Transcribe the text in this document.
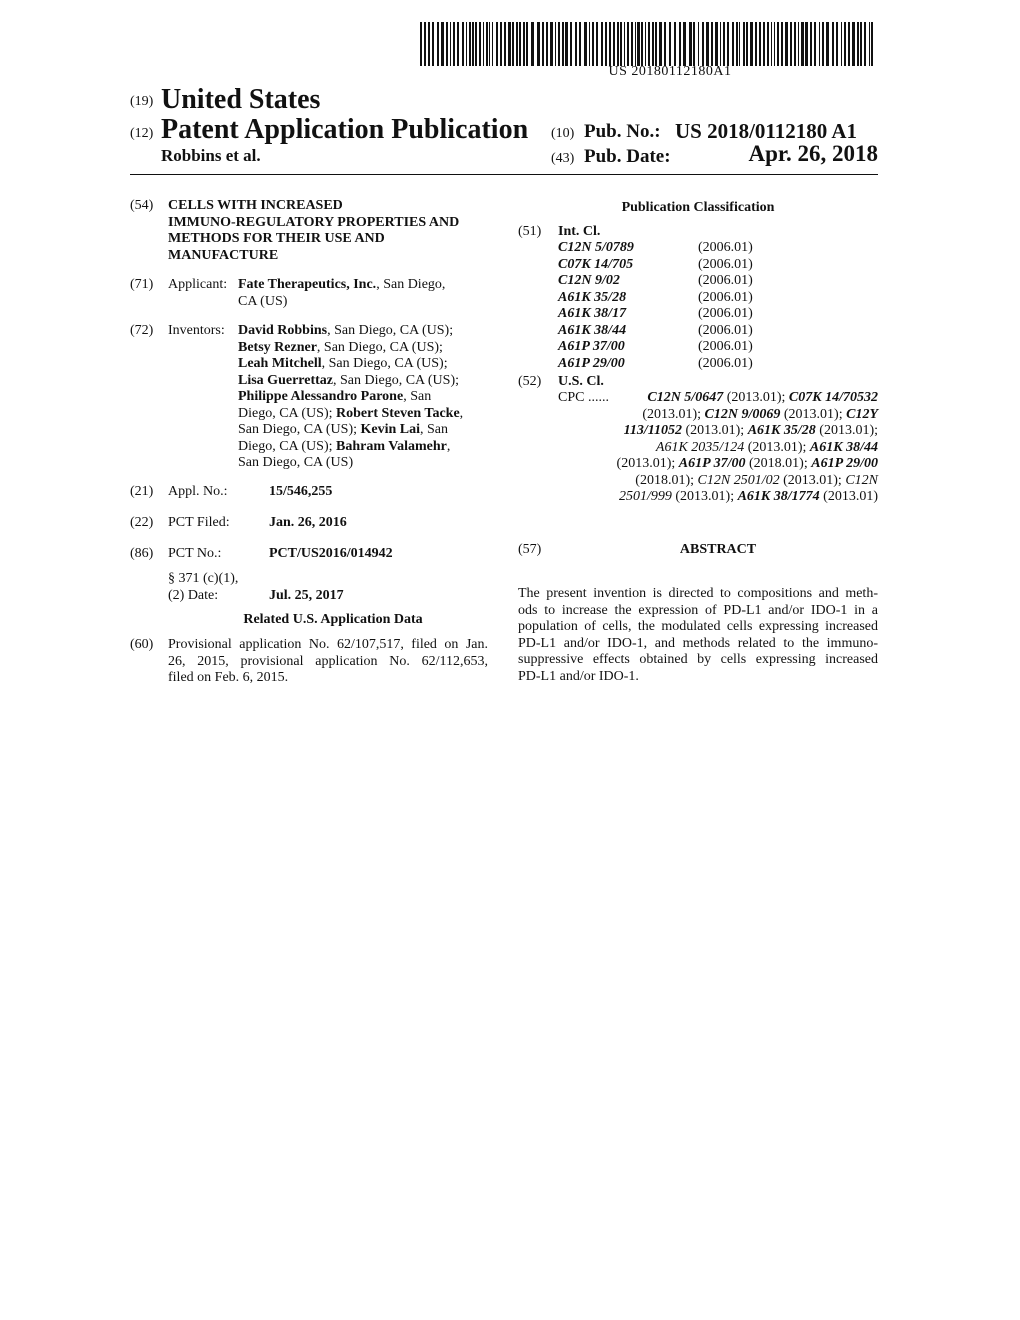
US 20180112180A1
(19) United States
(12) Patent Application Publication
Robbins et al.
(10) Pub. No.: US 2018/0112180 A1
(43) Pub. Date:	Apr. 26, 2018
(54) CELLS WITH INCREASED
IMMUNO-REGULATORY PROPERTIES AND
METHODS FOR THEIR USE AND
MANUFACTURE
(71) Applicant: Fate Therapeutics, Inc., San Diego,
CA (US)
(72) Inventors: David Robbins, San Diego, CA (US);
Betsy Rezner, San Diego, CA (US);
Leah Mitchell, San Diego, CA (US);
Lisa Guerrettaz, San Diego, CA (US);
Philippe Alessandro Parone, San
Diego, CA (US); Robert Steven Tacke,
San Diego, CA (US); Kevin Lai, San
Diego, CA (US); Bahram Valamehr,
San Diego, CA (US)
(21) Appl. No.:	15/546,255
(22) PCT Filed:	Jan. 26, 2016
(86) PCT No.:	PCT/US2016/014942
§ 371 (c)(1),
(2) Date:	Jul. 25, 2017
Related U.S. Application Data
(60) Provisional application No. 62/107,517, filed on Jan.
26, 2015, provisional application No. 62/112,653,
filed on Feb. 6, 2015.
Publication Classification
(51) Int. Cl.
C12N 5/0789	(2006.01)
C07K 14/705	(2006.01)
C12N 9/02	(2006.01)
A61K 35/28	(2006.01)
A61K 38/17	(2006.01)
A61K 38/44	(2006.01)
A61P 37/00	(2006.01)
A61P 29/00	(2006.01)
(52) U.S. Cl.
CPC ......	C12N 5/0647 (2013.01); C07K 14/70532
(2013.01); C12N 9/0069 (2013.01); C12Y
113/11052 (2013.01); A61K 35/28 (2013.01);
A61K 2035/124 (2013.01); A61K 38/44
(2013.01); A61P 37/00 (2018.01); A61P 29/00
(2018.01); C12N 2501/02 (2013.01); C12N
2501/999 (2013.01); A61K 38/1774 (2013.01)
(57)	ABSTRACT
The present invention is directed to compositions and meth-
ods to increase the expression of PD-L1 and/or IDO-1 in a
population of cells, the modulated cells expressing increased
PD-L1 and/or IDO-1, and methods related to the immuno-
suppressive effects obtained by cells expressing increased
PD-L1 and/or IDO-1.
